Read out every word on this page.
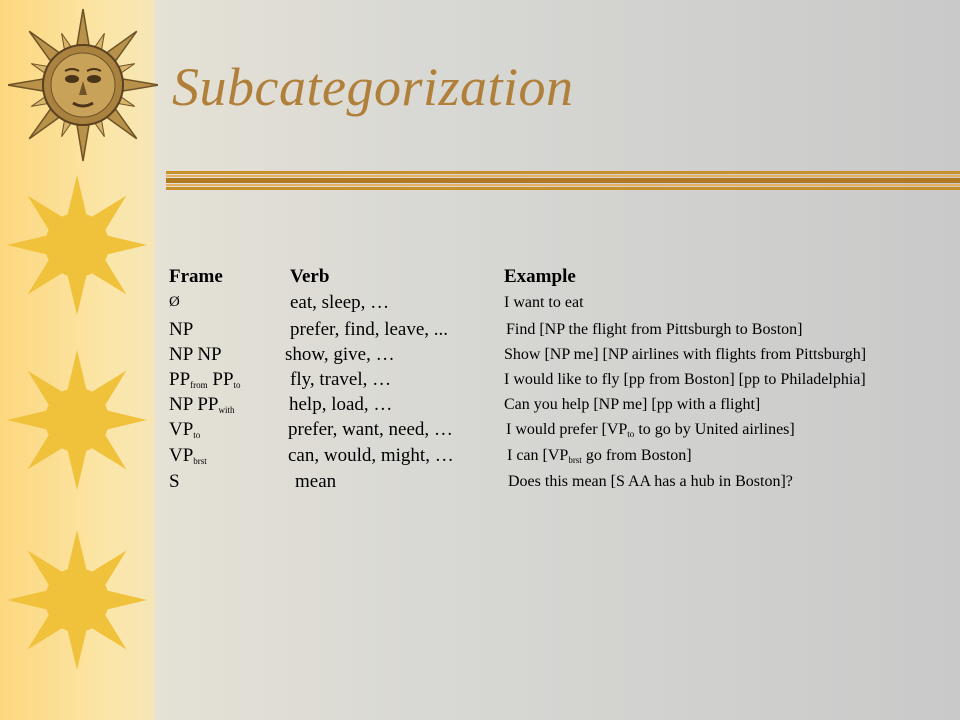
Subcategorization
Frame	Verb	Example
Ø	eat, sleep, …	I want to eat
NP	prefer, find, leave, ...	Find [NP the flight from Pittsburgh to Boston]
NP NP	show, give, …	Show [NP me] [NP airlines with flights from Pittsburgh]
$PP_{from}$ $PP_{to}$	fly, travel, …	I would like to fly [pp from Boston] [pp to Philadelphia]
NP $PP_{with}$	help, load, …	Can you help [NP me] [pp with a flight]
$VP_{to}$	prefer, want, need, …	I would prefer [$VP_{to}$ to go by United airlines]
$VP_{brst}$	can, would, might, …	I can [$VP_{brst}$ go from Boston]
S	mean	Does this mean [S AA has a hub in Boston]?
